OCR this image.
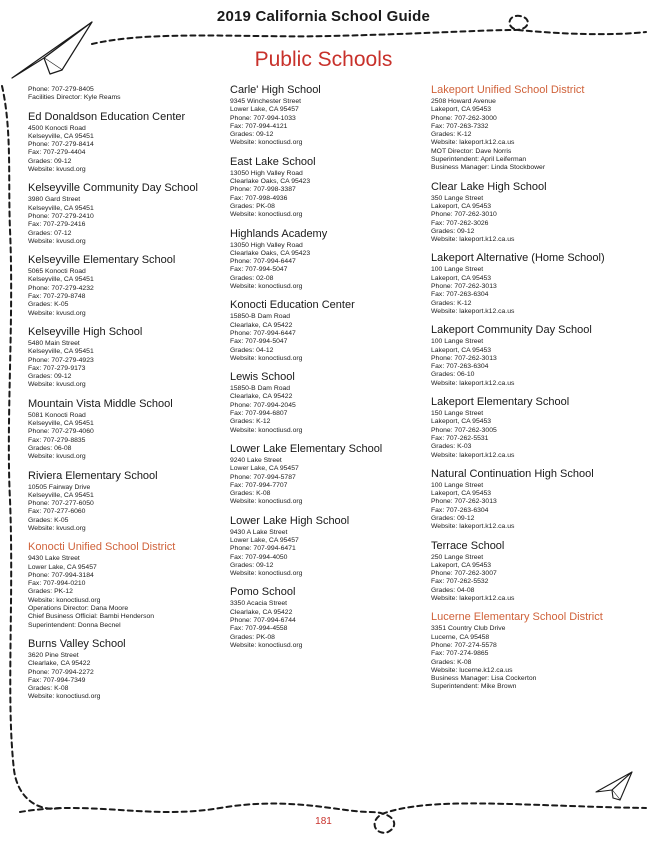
2019 California School Guide
Public Schools
Phone: 707-279-8405
Facilities Director: Kyle Reams
Ed Donaldson Education Center
4500 Konocti Road
Kelseyville, CA 95451
Phone: 707-279-8414
Fax: 707-279-4404
Grades: 09-12
Website: kvusd.org
Kelseyville Community Day School
3980 Gard Street
Kelseyville, CA 95451
Phone: 707-279-2410
Fax: 707-279-2416
Grades: 07-12
Website: kvusd.org
Kelseyville Elementary School
5065 Konocti Road
Kelseyville, CA 95451
Phone: 707-279-4232
Fax: 707-279-8748
Grades: K-05
Website: kvusd.org
Kelseyville High School
5480 Main Street
Kelseyville, CA 95451
Phone: 707-279-4923
Fax: 707-279-9173
Grades: 09-12
Website: kvusd.org
Mountain Vista Middle School
5081 Konocti Road
Kelseyville, CA 95451
Phone: 707-279-4060
Fax: 707-279-8835
Grades: 06-08
Website: kvusd.org
Riviera Elementary School
10505 Fairway Drive
Kelseyville, CA 95451
Phone: 707-277-6050
Fax: 707-277-6060
Grades: K-05
Website: kvusd.org
Konocti Unified School District
9430 Lake Street
Lower Lake, CA 95457
Phone: 707-994-3184
Fax: 707-994-0210
Grades: PK-12
Website: konoctiusd.org
Operations Director: Dana Moore
Chief Business Official: Bambi Henderson
Superintendent: Donna Becnel
Burns Valley School
3620 Pine Street
Clearlake, CA 95422
Phone: 707-994-2272
Fax: 707-994-7349
Grades: K-08
Website: konoctiusd.org
Carle' High School
9345 Winchester Street
Lower Lake, CA 95457
Phone: 707-994-1033
Fax: 707-994-4121
Grades: 09-12
Website: konoctiusd.org
East Lake School
13050 High Valley Road
Clearlake Oaks, CA 95423
Phone: 707-998-3387
Fax: 707-998-4936
Grades: PK-08
Website: konoctiusd.org
Highlands Academy
13050 High Valley Road
Clearlake Oaks, CA 95423
Phone: 707-994-6447
Fax: 707-994-5047
Grades: 02-08
Website: konoctiusd.org
Konocti Education Center
15850-B Dam Road
Clearlake, CA 95422
Phone: 707-994-6447
Fax: 707-994-5047
Grades: 04-12
Website: konoctiusd.org
Lewis School
15850-B Dam Road
Clearlake, CA 95422
Phone: 707-994-2045
Fax: 707-994-6807
Grades: K-12
Website: konoctiusd.org
Lower Lake Elementary School
9240 Lake Street
Lower Lake, CA 95457
Phone: 707-994-5787
Fax: 707-994-7707
Grades: K-08
Website: konoctiusd.org
Lower Lake High School
9430 A Lake Street
Lower Lake, CA 95457
Phone: 707-994-6471
Fax: 707-994-4050
Grades: 09-12
Website: konoctiusd.org
Pomo School
3350 Acacia Street
Clearlake, CA 95422
Phone: 707-994-6744
Fax: 707-994-4558
Grades: PK-08
Website: konoctiusd.org
Lakeport Unified School District
2508 Howard Avenue
Lakeport, CA 95453
Phone: 707-262-3000
Fax: 707-263-7332
Grades: K-12
Website: lakeport.k12.ca.us
MOT Director: Dave Norris
Superintendent: April Leiferman
Business Manager: Linda Stockbower
Clear Lake High School
350 Lange Street
Lakeport, CA 95453
Phone: 707-262-3010
Fax: 707-262-3026
Grades: 09-12
Website: lakeport.k12.ca.us
Lakeport Alternative (Home School)
100 Lange Street
Lakeport, CA 95453
Phone: 707-262-3013
Fax: 707-263-6304
Grades: K-12
Website: lakeport.k12.ca.us
Lakeport Community Day School
100 Lange Street
Lakeport, CA 95453
Phone: 707-262-3013
Fax: 707-263-6304
Grades: 06-10
Website: lakeport.k12.ca.us
Lakeport Elementary School
150 Lange Street
Lakeport, CA 95453
Phone: 707-262-3005
Fax: 707-262-5531
Grades: K-03
Website: lakeport.k12.ca.us
Natural Continuation High School
100 Lange Street
Lakeport, CA 95453
Phone: 707-262-3013
Fax: 707-263-6304
Grades: 09-12
Website: lakeport.k12.ca.us
Terrace School
250 Lange Street
Lakeport, CA 95453
Phone: 707-262-3007
Fax: 707-262-5532
Grades: 04-08
Website: lakeport.k12.ca.us
Lucerne Elementary School District
3351 Country Club Drive
Lucerne, CA 95458
Phone: 707-274-5578
Fax: 707-274-9865
Grades: K-08
Website: lucerne.k12.ca.us
Business Manager: Lisa Cockerton
Superintendent: Mike Brown
181
